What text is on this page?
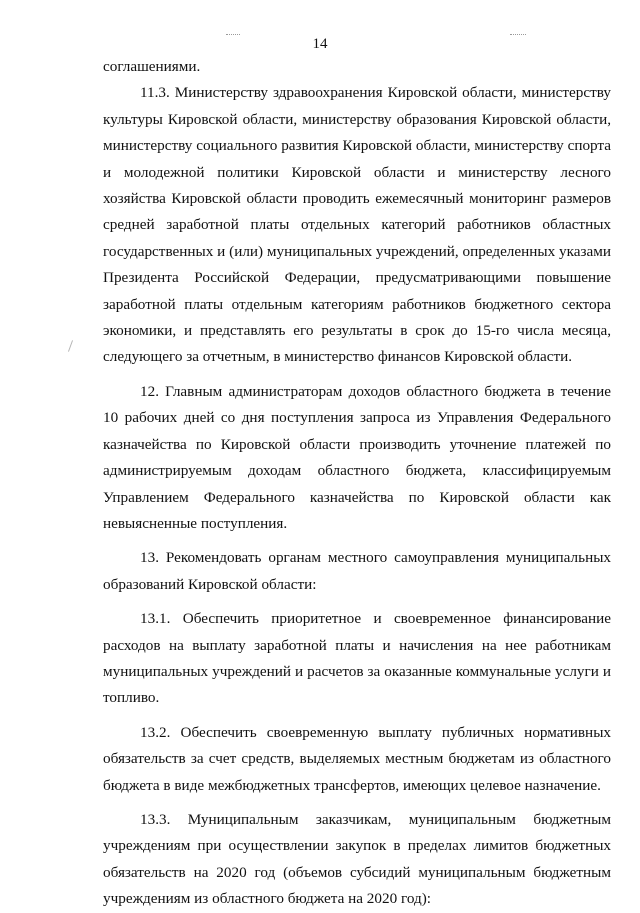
14

соглашениями.

11.3. Министерству здравоохранения Кировской области, министерству культуры Кировской области, министерству образования Кировской области, министерству социального развития Кировской области, министерству спорта и молодежной политики Кировской области и министерству лесного хозяйства Кировской области проводить ежемесячный мониторинг размеров средней заработной платы отдельных категорий работников областных государственных и (или) муниципальных учреждений, определенных указами Президента Российской Федерации, предусматривающими повышение заработной платы отдельным категориям работников бюджетного сектора экономики, и представлять его результаты в срок до 15-го числа месяца, следующего за отчетным, в министерство финансов Кировской области.

12. Главным администраторам доходов областного бюджета в течение 10 рабочих дней со дня поступления запроса из Управления Федерального казначейства по Кировской области производить уточнение платежей по администрируемым доходам областного бюджета, классифицируемым Управлением Федерального казначейства по Кировской области как невыясненные поступления.

13. Рекомендовать органам местного самоуправления муниципальных образований Кировской области:

13.1. Обеспечить приоритетное и своевременное финансирование расходов на выплату заработной платы и начисления на нее работникам муниципальных учреждений и расчетов за оказанные коммунальные услуги и топливо.

13.2. Обеспечить своевременную выплату публичных нормативных обязательств за счет средств, выделяемых местным бюджетам из областного бюджета в виде межбюджетных трансфертов, имеющих целевое назначение.

13.3. Муниципальным заказчикам, муниципальным бюджетным учреждениям при осуществлении закупок в пределах лимитов бюджетных обязательств на 2020 год (объемов субсидий муниципальным бюджетным учреждениям из областного бюджета на 2020 год):
